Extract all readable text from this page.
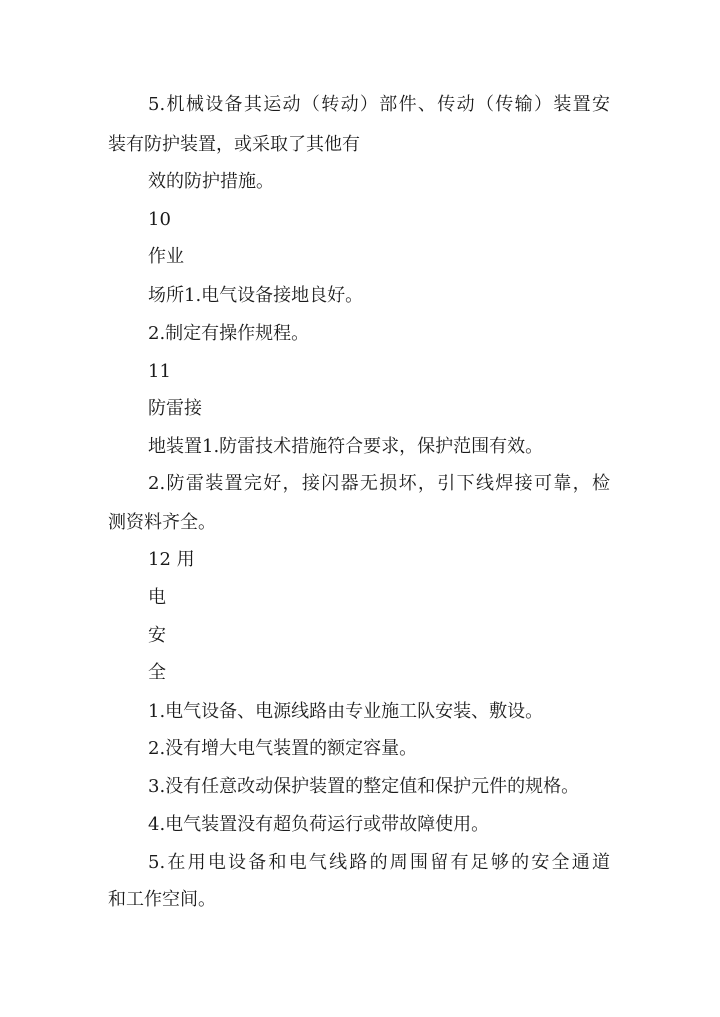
5.机械设备其运动（转动）部件、传动（传输）装置安
装有防护装置，或采取了其他有
效的防护措施。
10
作业
场所1.电气设备接地良好。
2.制定有操作规程。
11
防雷接
地装置1.防雷技术措施符合要求，保护范围有效。
2.防雷装置完好，接闪器无损坏，引下线焊接可靠，检
测资料齐全。
12 用
电
安
全
1.电气设备、电源线路由专业施工队安装、敷设。
2.没有增大电气装置的额定容量。
3.没有任意改动保护装置的整定值和保护元件的规格。
4.电气装置没有超负荷运行或带故障使用。
5.在用电设备和电气线路的周围留有足够的安全通道
和工作空间。
